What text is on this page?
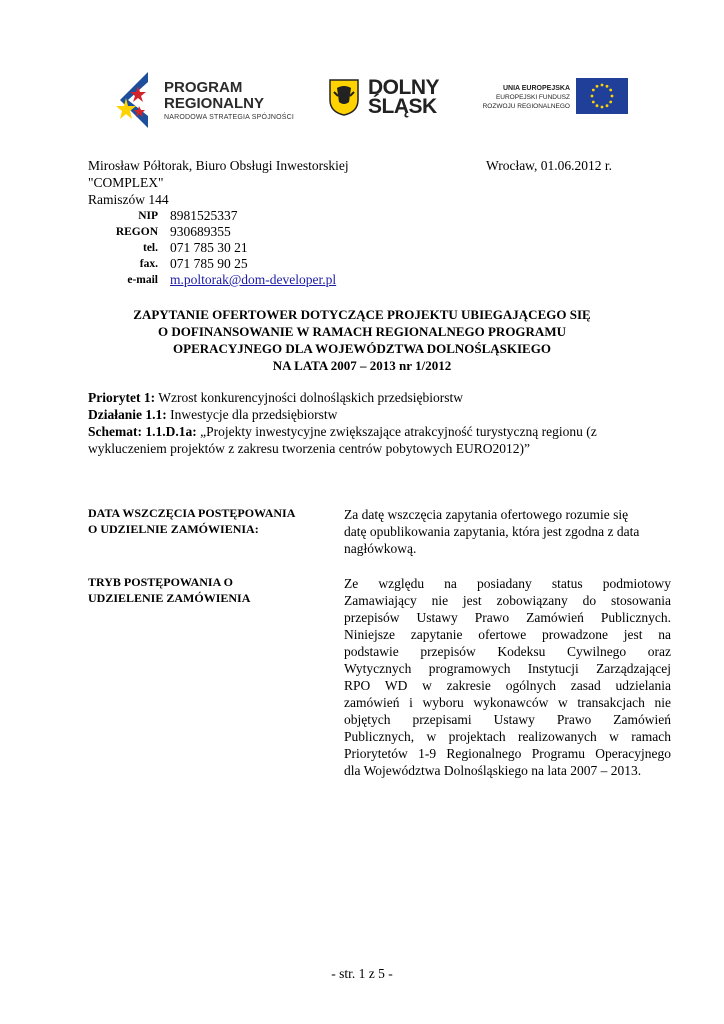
PROGRAM
REGIONALNY
NARODOWA STRATEGIA SPÓJNOŚCI
DOLNY
ŚLĄSK
UNIA EUROPEJSKA
EUROPEJSKI FUNDUSZ
ROZWOJU REGIONALNEGO
Mirosław Półtorak, Biuro Obsługi Inwestorskiej	Wrocław, 01.06.2012 r.
"COMPLEX"
Ramiszów 144
NIP 8981525337
REGON 930689355
tel. 071 785 30 21
fax. 071 785 90 25
e-mail m.poltorak@dom-developer.pl
ZAPYTANIE OFERTOWER DOTYCZĄCE PROJEKTU UBIEGAJĄCEGO SIĘ
O DOFINANSOWANIE W RAMACH REGIONALNEGO PROGRAMU
OPERACYJNEGO DLA WOJEWÓDZTWA DOLNOŚLĄSKIEGO
NA LATA 2007 – 2013 nr 1/2012
Priorytet 1: Wzrost konkurencyjności dolnośląskich przedsiębiorstw
Działanie 1.1: Inwestycje dla przedsiębiorstw
Schemat: 1.1.D.1a: „Projekty inwestycyjne zwiększające atrakcyjność turystyczną regionu (z
wykluczeniem projektów z zakresu tworzenia centrów pobytowych EURO2012)”
DATA WSZCZĘCIA POSTĘPOWANIA
O UDZIELNIE ZAMÓWIENIA:
Za datę wszczęcia zapytania ofertowego rozumie się
datę opublikowania zapytania, która jest zgodna z data
nagłówkową.
TRYB POSTĘPOWANIA O
UDZIELENIE ZAMÓWIENIA
Ze względu na posiadany status podmiotowy
Zamawiający nie jest zobowiązany do stosowania
przepisów Ustawy Prawo Zamówień Publicznych.
Niniejsze zapytanie ofertowe prowadzone jest na
podstawie przepisów Kodeksu Cywilnego oraz
Wytycznych programowych Instytucji Zarządzającej
RPO WD w zakresie ogólnych zasad udzielania
zamówień i wyboru wykonawców w transakcjach nie
objętych przepisami Ustawy Prawo Zamówień
Publicznych, w projektach realizowanych w ramach
Priorytetów 1-9 Regionalnego Programu Operacyjnego
dla Województwa Dolnośląskiego na lata 2007 – 2013.
- str. 1 z 5 -
